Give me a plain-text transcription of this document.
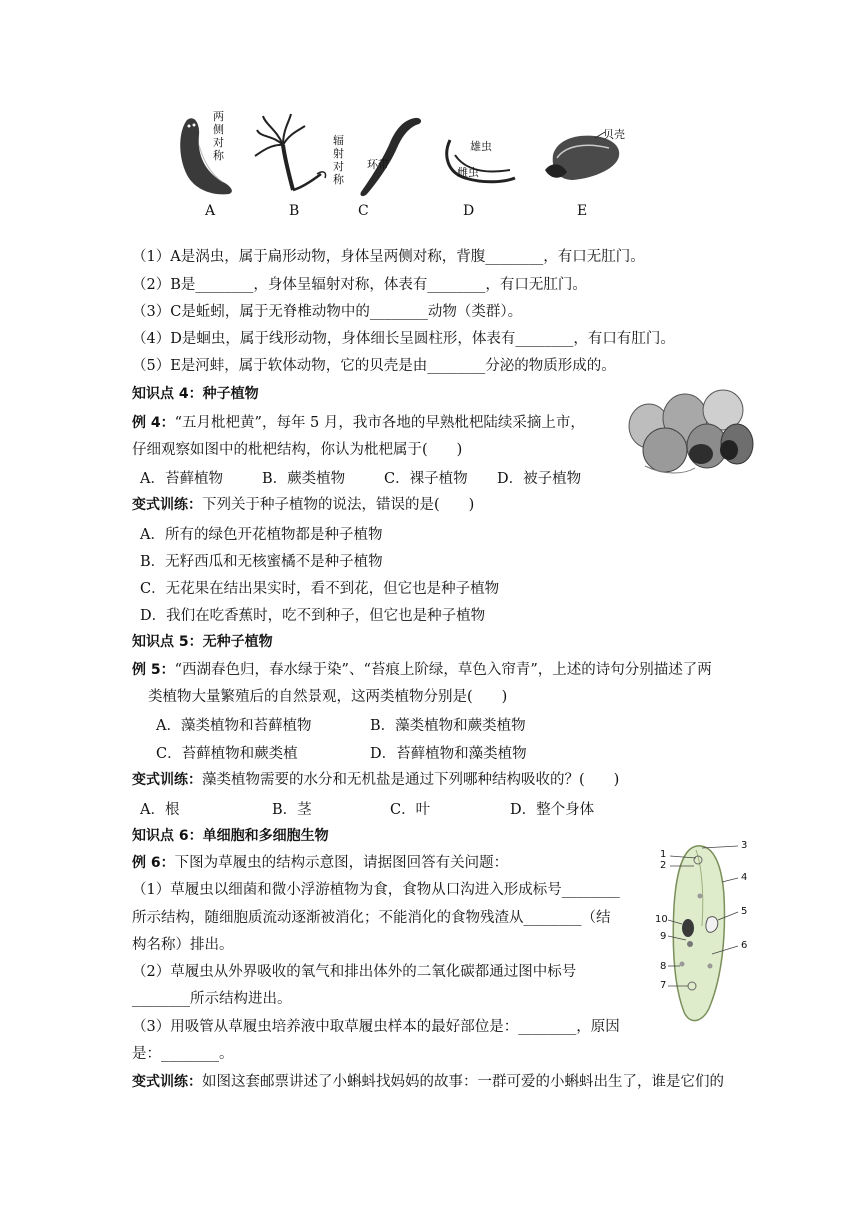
两
侧
对
称
辐
射
对
称
环带
雄虫
雌虫
贝壳
A	B	C	D	E
（1）A是涡虫，属于扁形动物，身体呈两侧对称，背腹________，有口无肛门。
（2）B是________，身体呈辐射对称，体表有________，有口无肛门。
（3）C是蚯蚓，属于无脊椎动物中的________动物（类群）。
（4）D是蛔虫，属于线形动物，身体细长呈圆柱形，体表有________，有口有肛门。
（5）E是河蚌，属于软体动物，它的贝壳是由________分泌的物质形成的。
知识点 4：种子植物
例 4：“五月枇杷黄”，每年 5 月，我市各地的早熟枇杷陆续采摘上市，
仔细观察如图中的枇杷结构，你认为枇杷属于(　　)
A．苔藓植物	B．蕨类植物	C．裸子植物 D．被子植物
变式训练：下列关于种子植物的说法，错误的是(　　)
A．所有的绿色开花植物都是种子植物
B．无籽西瓜和无核蜜橘不是种子植物
C．无花果在结出果实时，看不到花，但它也是种子植物
D．我们在吃香蕉时，吃不到种子，但它也是种子植物
知识点 5：无种子植物
例 5：“西湖春色归，春水绿于染”、“苔痕上阶绿，草色入帘青”，上述的诗句分别描述了两
类植物大量繁殖后的自然景观，这两类植物分别是(　　)
A．藻类植物和苔藓植物	B．藻类植物和蕨类植物
C．苔藓植物和蕨类植	D．苔藓植物和藻类植物
变式训练：藻类植物需要的水分和无机盐是通过下列哪种结构吸收的？(　　)
A．根	B．茎	C．叶	D．整个身体
知识点 6：单细胞和多细胞生物
例 6：下图为草履虫的结构示意图，请据图回答有关问题：
（1）草履虫以细菌和微小浮游植物为食，食物从口沟进入形成标号________
所示结构，随细胞质流动逐渐被消化；不能消化的食物残渣从________（结
构名称）排出。
（2）草履虫从外界吸收的氧气和排出体外的二氧化碳都通过图中标号
________所示结构进出。
（3）用吸管从草履虫培养液中取草履虫样本的最好部位是：________，原因
是：________。
1
2
3
4
5
6
7
8
9
10
变式训练：如图这套邮票讲述了小蝌蚪找妈妈的故事：一群可爱的小蝌蚪出生了，谁是它们的
